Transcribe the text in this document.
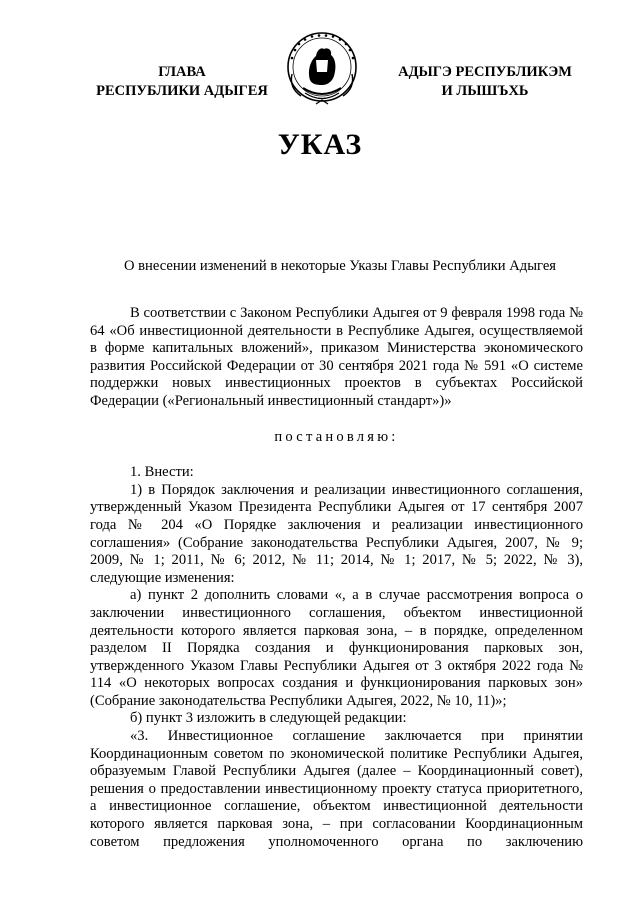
ГЛАВА
РЕСПУБЛИКИ АДЫГЕЯ
АДЫГЭ РЕСПУБЛИКЭМ
И ЛЫШЪХЬ
УКАЗ
О внесении изменений в некоторые Указы Главы Республики Адыгея

В соответствии с Законом Республики Адыгея от 9 февраля 1998 года № 64 «Об инвестиционной деятельности в Республике Адыгея, осуществляемой в форме капитальных вложений», приказом Министерства экономического развития Российской Федерации от 30 сентября 2021 года № 591 «О системе поддержки новых инвестиционных проектов в субъектах Российской Федерации («Региональный инвестиционный стандарт»)»

постановляю:

1. Внести:

1) в Порядок заключения и реализации инвестиционного соглашения, утвержденный Указом Президента Республики Адыгея от 17 сентября 2007 года № 204 «О Порядке заключения и реализации инвестиционного соглашения» (Собрание законодательства Республики Адыгея, 2007, № 9; 2009, № 1; 2011, № 6; 2012, № 11; 2014, № 1; 2017, № 5; 2022, № 3), следующие изменения:

а) пункт 2 дополнить словами «, а в случае рассмотрения вопроса о заключении инвестиционного соглашения, объектом инвестиционной деятельности которого является парковая зона, – в порядке, определенном разделом II Порядка создания и функционирования парковых зон, утвержденного Указом Главы Республики Адыгея от 3 октября 2022 года № 114 «О некоторых вопросах создания и функционирования парковых зон» (Собрание законодательства Республики Адыгея, 2022, № 10, 11)»;

б) пункт 3 изложить в следующей редакции:

«3. Инвестиционное соглашение заключается при принятии Координационным советом по экономической политике Республики Адыгея, образуемым Главой Республики Адыгея (далее – Координационный совет), решения о предоставлении инвестиционному проекту статуса приоритетного, а инвестиционное соглашение, объектом инвестиционной деятельности которого является парковая зона, – при согласовании Координационным советом предложения уполномоченного органа по заключению
